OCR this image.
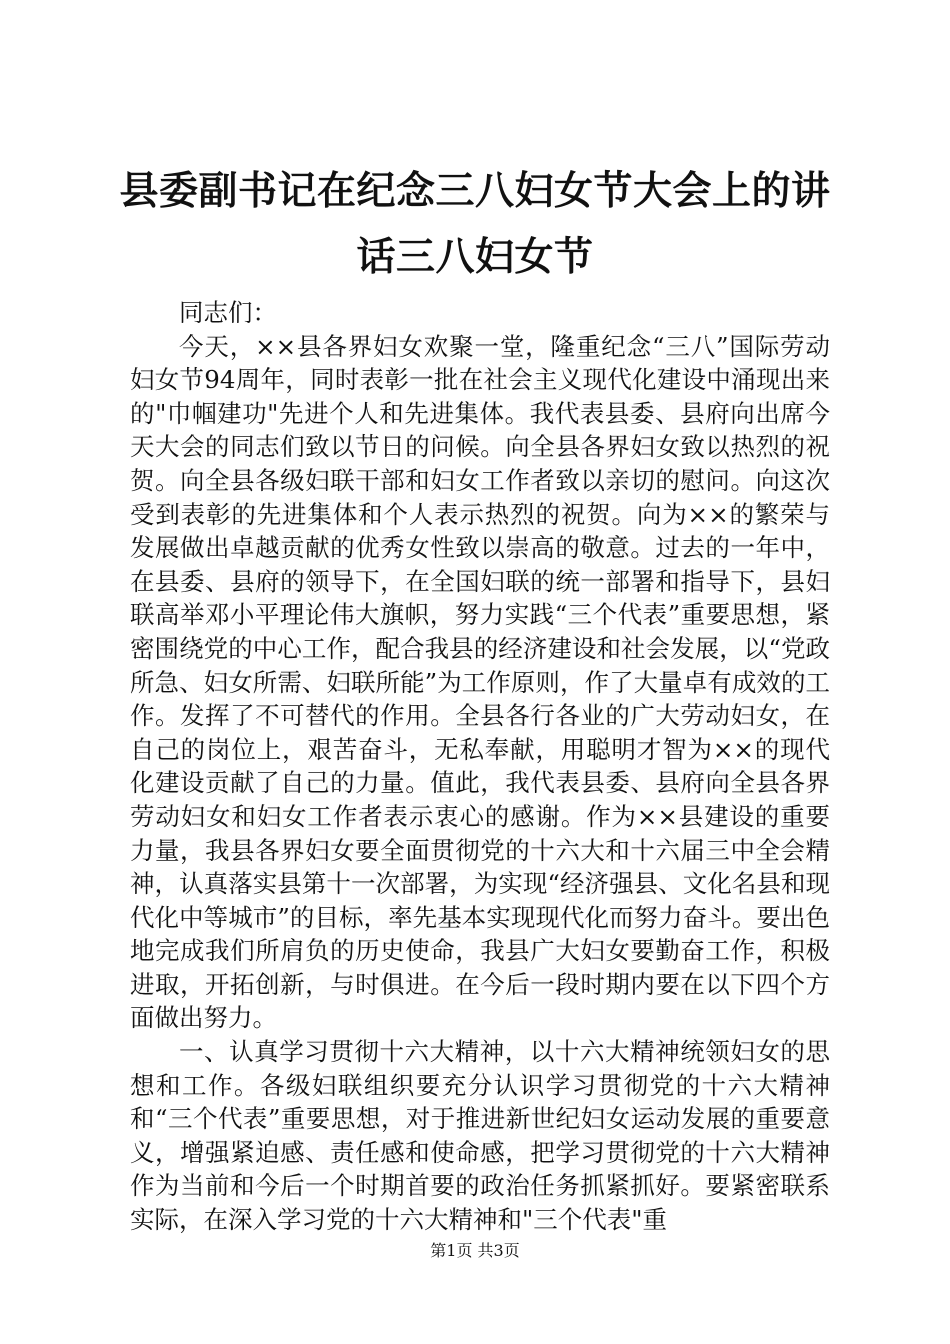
县委副书记在纪念三八妇女节大会上的讲话三八妇女节

同志们：

今天，××县各界妇女欢聚一堂，隆重纪念“三八”国际劳动妇女节94周年，同时表彰一批在社会主义现代化建设中涌现出来的"巾帼建功"先进个人和先进集体。我代表县委、县府向出席今天大会的同志们致以节日的问候。向全县各界妇女致以热烈的祝贺。向全县各级妇联干部和妇女工作者致以亲切的慰问。向这次受到表彰的先进集体和个人表示热烈的祝贺。向为××的繁荣与发展做出卓越贡献的优秀女性致以崇高的敬意。过去的一年中，在县委、县府的领导下，在全国妇联的统一部署和指导下，县妇联高举邓小平理论伟大旗帜，努力实践“三个代表”重要思想，紧密围绕党的中心工作，配合我县的经济建设和社会发展，以“党政所急、妇女所需、妇联所能”为工作原则，作了大量卓有成效的工作。发挥了不可替代的作用。全县各行各业的广大劳动妇女，在自己的岗位上，艰苦奋斗，无私奉献，用聪明才智为××的现代化建设贡献了自己的力量。值此，我代表县委、县府向全县各界劳动妇女和妇女工作者表示衷心的感谢。作为××县建设的重要力量，我县各界妇女要全面贯彻党的十六大和十六届三中全会精神，认真落实县第十一次部署，为实现“经济强县、文化名县和现代化中等城市”的目标，率先基本实现现代化而努力奋斗。要出色地完成我们所肩负的历史使命，我县广大妇女要勤奋工作，积极进取，开拓创新，与时俱进。在今后一段时期内要在以下四个方面做出努力。

一、认真学习贯彻十六大精神，以十六大精神统领妇女的思想和工作。各级妇联组织要充分认识学习贯彻党的十六大精神和“三个代表”重要思想，对于推进新世纪妇女运动发展的重要意义，增强紧迫感、责任感和使命感，把学习贯彻党的十六大精神作为当前和今后一个时期首要的政治任务抓紧抓好。要紧密联系实际，在深入学习党的十六大精神和"三个代表"重

第1页 共3页
